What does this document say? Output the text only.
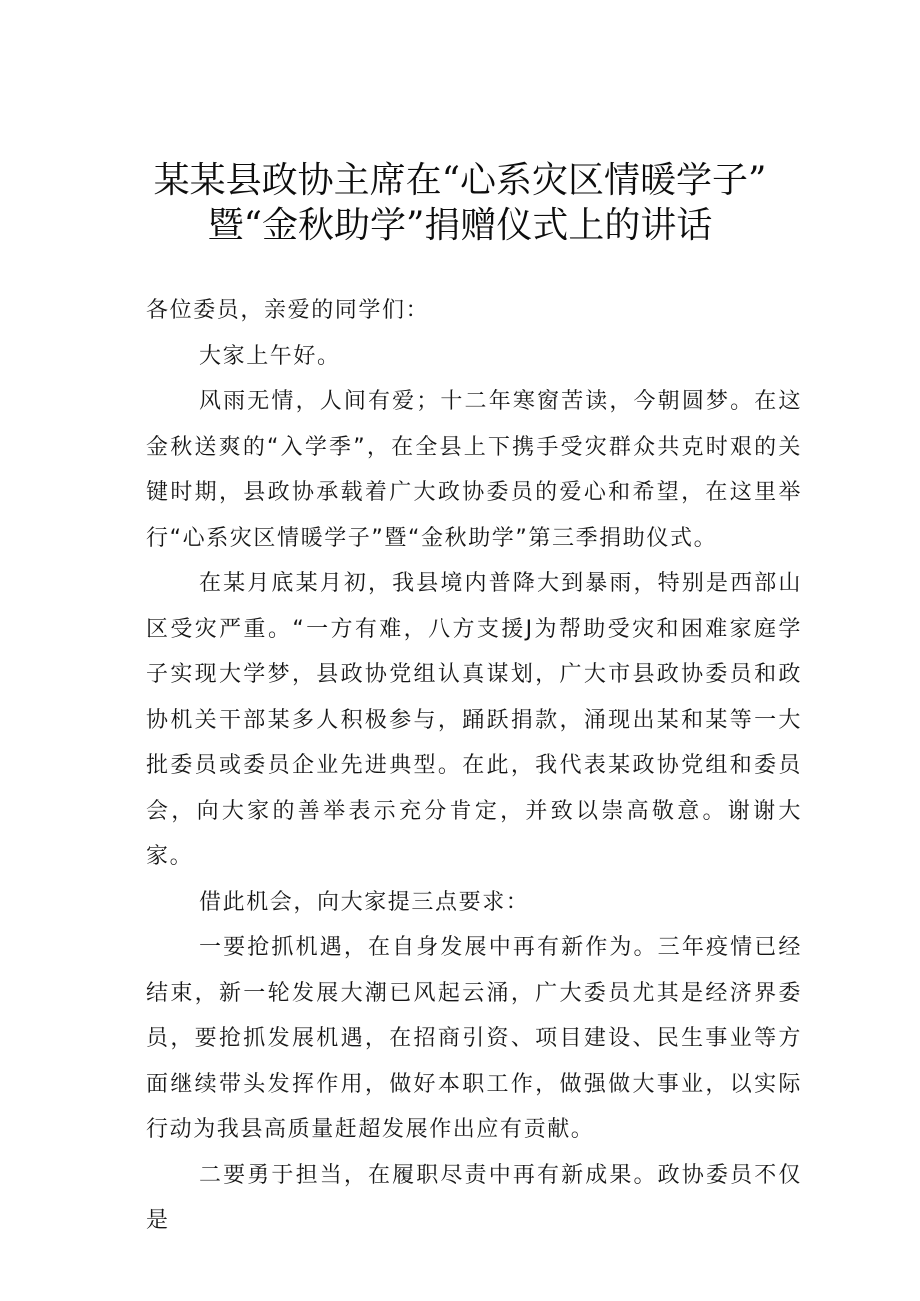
某某县政协主席在“心系灾区情暖学子”
暨“金秋助学”捐赠仪式上的讲话

各位委员，亲爱的同学们：

大家上午好。

风雨无情，人间有爱；十二年寒窗苦读，今朝圆梦。在这金秋送爽的“入学季”，在全县上下携手受灾群众共克时艰的关键时期，县政协承载着广大政协委员的爱心和希望，在这里举行“心系灾区情暖学子”暨“金秋助学”第三季捐助仪式。

在某月底某月初，我县境内普降大到暴雨，特别是西部山区受灾严重。“一方有难，八方支援J为帮助受灾和困难家庭学子实现大学梦，县政协党组认真谋划，广大市县政协委员和政协机关干部某多人积极参与，踊跃捐款，涌现出某和某等一大批委员或委员企业先进典型。在此，我代表某政协党组和委员会，向大家的善举表示充分肯定，并致以崇高敬意。谢谢大家。

借此机会，向大家提三点要求：

一要抢抓机遇，在自身发展中再有新作为。三年疫情已经结束，新一轮发展大潮已风起云涌，广大委员尤其是经济界委员，要抢抓发展机遇，在招商引资、项目建设、民生事业等方面继续带头发挥作用，做好本职工作，做强做大事业，以实际行动为我县高质量赶超发展作出应有贡献。

二要勇于担当，在履职尽责中再有新成果。政协委员不仅是
